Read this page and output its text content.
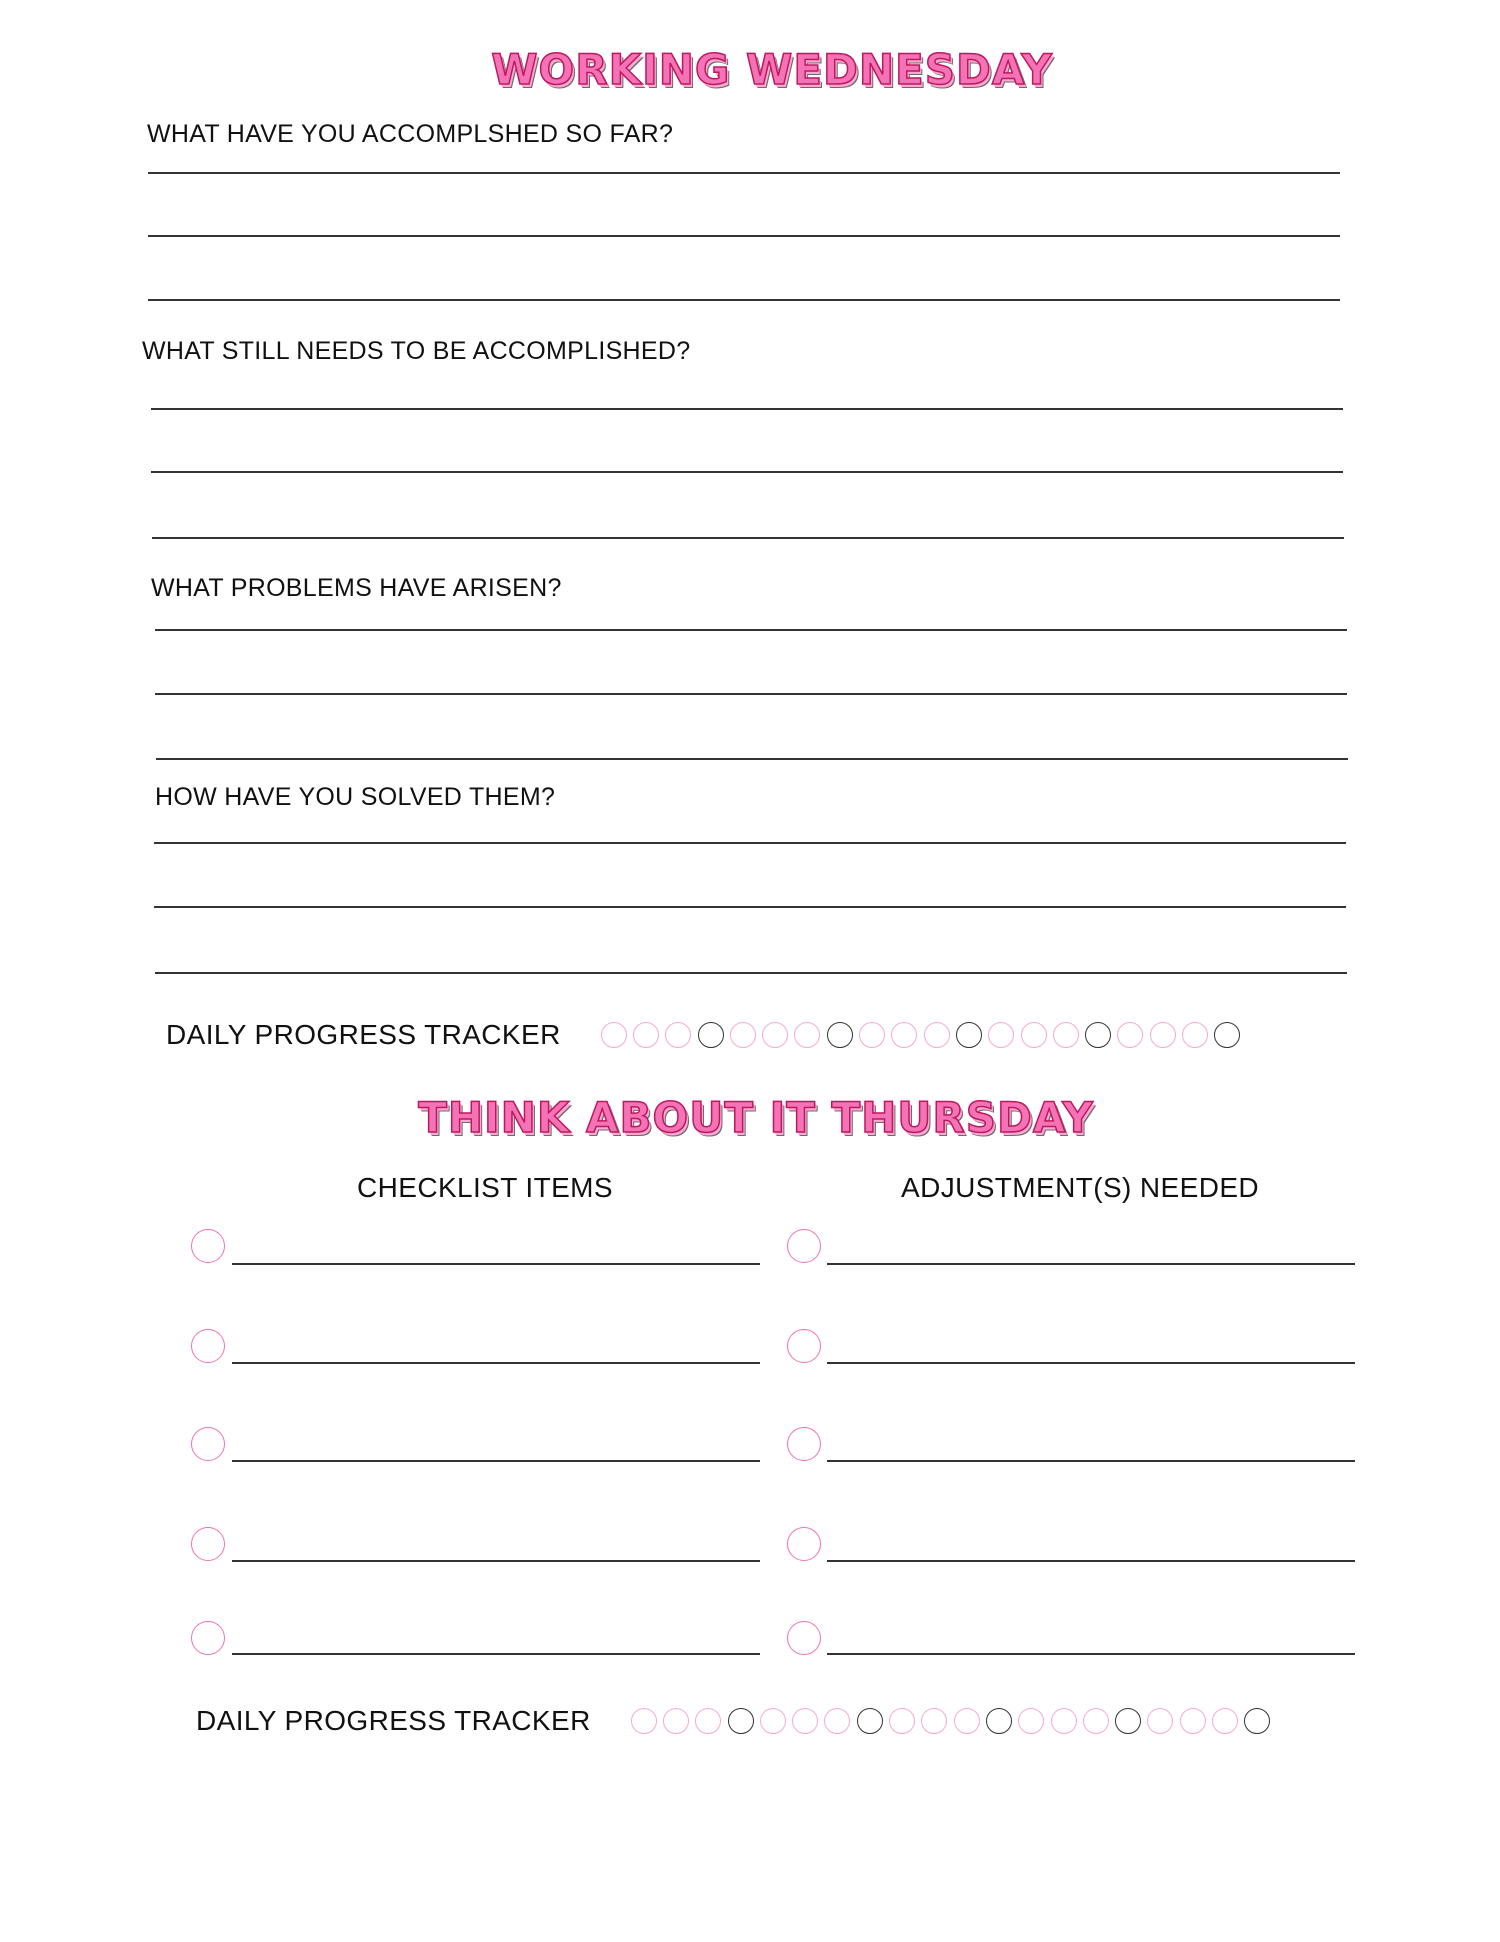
WORKING WEDNESDAY
WHAT HAVE YOU ACCOMPLSHED SO FAR?
WHAT STILL NEEDS TO BE ACCOMPLISHED?
WHAT PROBLEMS HAVE ARISEN?
HOW HAVE YOU SOLVED THEM?
DAILY PROGRESS TRACKER
THINK ABOUT IT THURSDAY
CHECKLIST ITEMS	ADJUSTMENT(S) NEEDED
DAILY PROGRESS TRACKER
